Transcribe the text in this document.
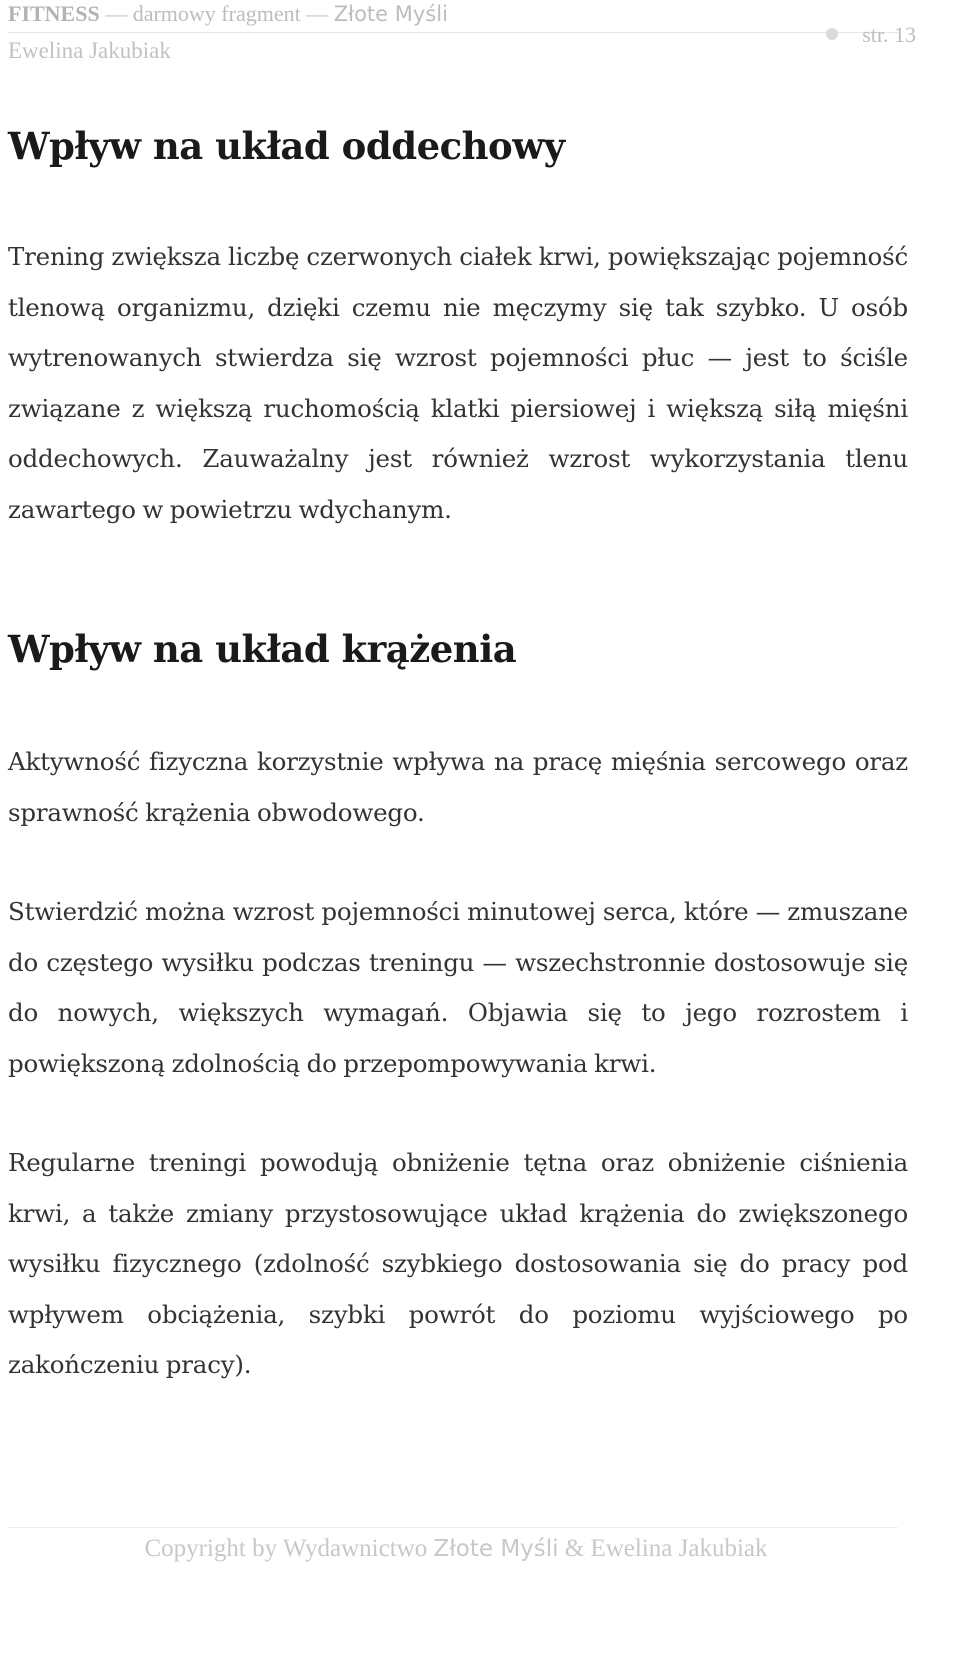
FITNESS — darmowy fragment — Złote Myśli
Ewelina Jakubiak
str. 13
Wpływ na układ oddechowy

Trening zwiększa liczbę czerwonych ciałek krwi, powiększając pojemność tlenową organizmu, dzięki czemu nie męczymy się tak szybko. U osób wytrenowanych stwierdza się wzrost pojemności płuc — jest to ściśle związane z większą ruchomością klatki piersiowej i większą siłą mięśni oddechowych. Zauważalny jest również wzrost wykorzystania tlenu zawartego w powietrzu wdychanym.

Wpływ na układ krążenia

Aktywność fizyczna korzystnie wpływa na pracę mięśnia sercowego oraz sprawność krążenia obwodowego.

Stwierdzić można wzrost pojemności minutowej serca, które — zmuszane do częstego wysiłku podczas treningu — wszechstronnie dostosowuje się do nowych, większych wymagań. Objawia się to jego rozrostem i powiększoną zdolnością do przepompowywania krwi.

Regularne treningi powodują obniżenie tętna oraz obniżenie ciśnienia krwi, a także zmiany przystosowujące układ krążenia do zwiększonego wysiłku fizycznego (zdolność szybkiego dostosowania się do pracy pod wpływem obciążenia, szybki powrót do poziomu wyjściowego po zakończeniu pracy).

Copyright by Wydawnictwo Złote Myśli & Ewelina Jakubiak
